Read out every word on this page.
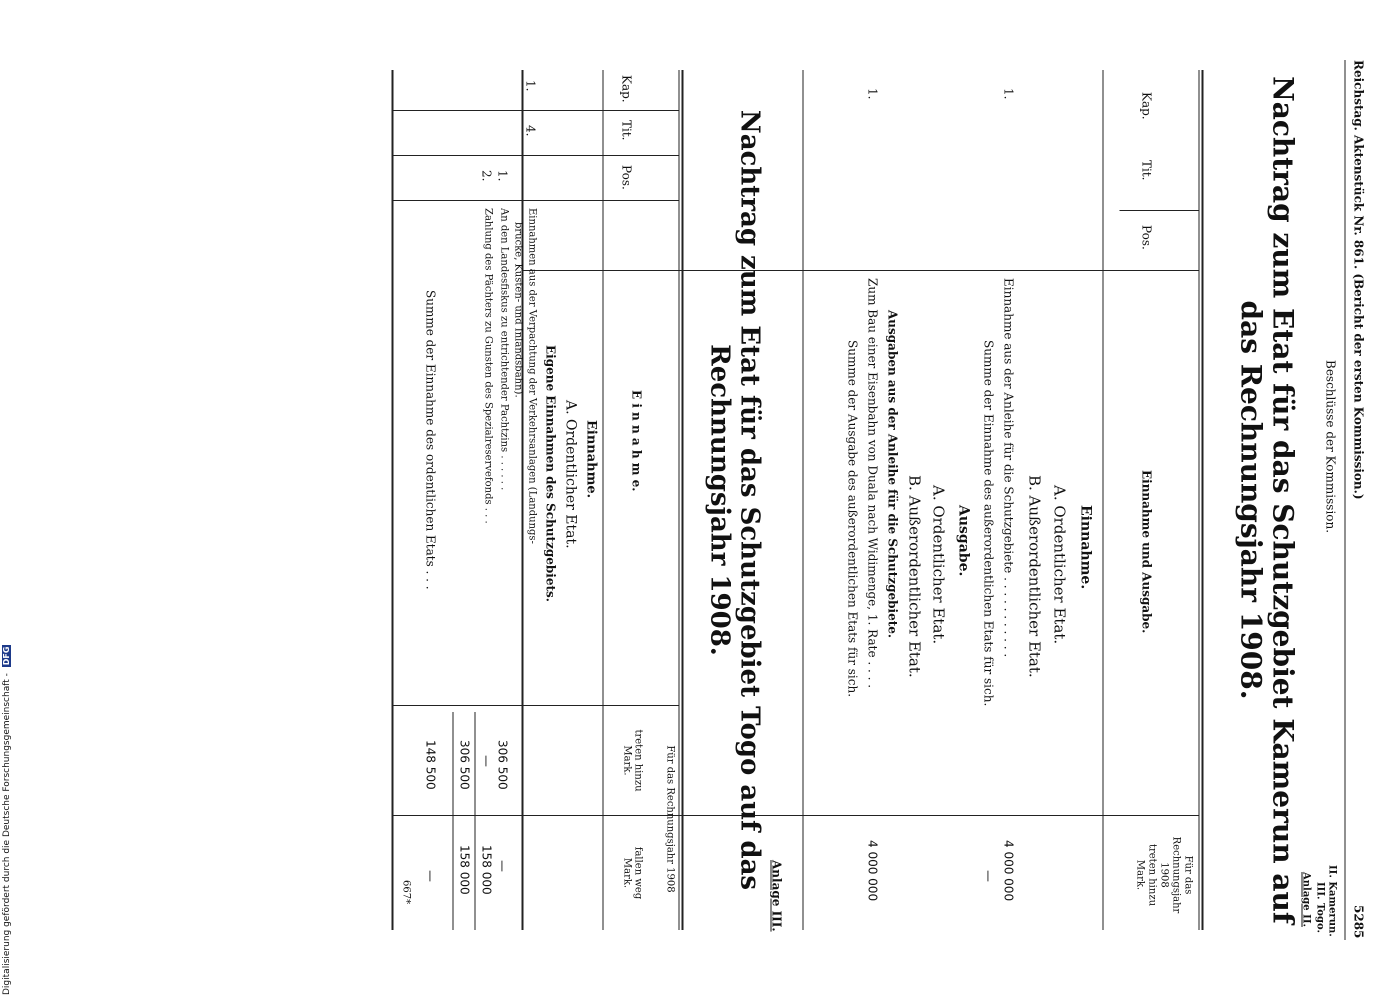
Reichstag. Aktenstück Nr. 861. (Bericht der ersten Kommission.)
5285
Beschlüsse der Kommission.
II. Kamerun.
III. Togo.
Anlage II.
Nachtrag zum Etat für das Schutzgebiet Kamerun auf das Rechnungsjahr 1908.
Kap.
Tit.
Pos.
Einnahme und Ausgabe.
Für das
Rechnungsjahr
1908
treten hinzu
Mark.
Einnahme.
A. Ordentlicher Etat.
B. Außerordentlicher Etat.
1.
Einnahme aus der Anleihe für die Schutzgebiete . . . . . . . . . . .
4 000 000
Summe der Einnahme des außerordentlichen Etats für sich.
—
Ausgabe.
A. Ordentlicher Etat.
B. Außerordentlicher Etat.
Ausgaben aus der Anleihe für die Schutzgebiete.
1.
Zum Bau einer Eisenbahn von Duala nach Widimenge, 1. Rate . . . .
4 000 000
Summe der Ausgabe des außerordentlichen Etats für sich.
Anlage III.
Nachtrag zum Etat für das Schutzgebiet Togo auf das Rechnungsjahr 1908.
Kap.
Tit.
Pos.
E i n n a h m e.
Für das Rechnungsjahr 1908
treten hinzu
Mark.
fallen weg
Mark.
Einnahme.
A. Ordentlicher Etat.
Eigene Einnahmen des Schutzgebiets.
1.
4.
Einnahmen aus der Verpachtung der Verkehrsanlagen (Landungs-
brücke, Küsten- und Inlandsbahn).
1.
An den Landesfiskus zu entrichtender Pachtzins . . . . . .
306 500
—
2.
Zahlung des Pächters zu Gunsten des Spezialreservefonds . . .
—
158 000
306 500
158 000
Summe der Einnahme des ordentlichen Etats . . .
148 500
—
667*
Digitalisierung gefördert durch die Deutsche Forschungsgemeinschaft - DFG
